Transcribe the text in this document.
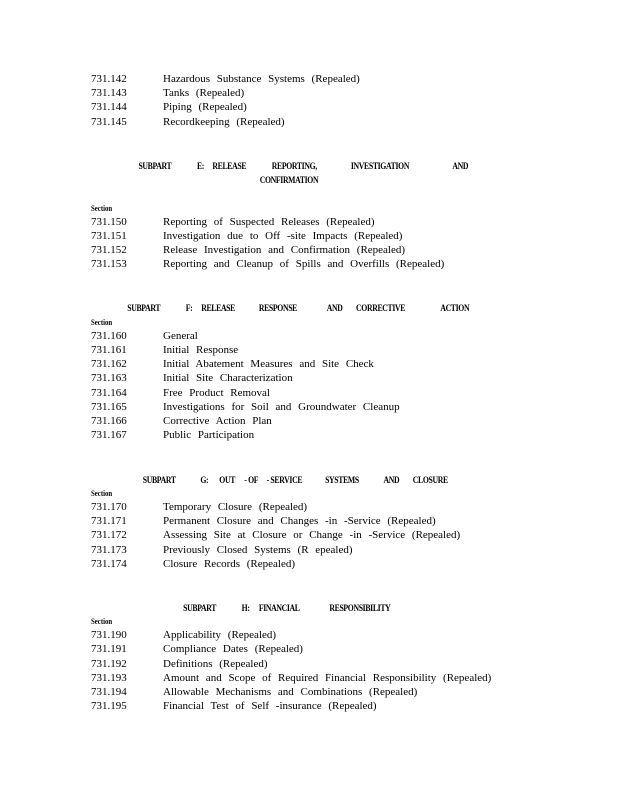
731.142	Hazardous Substance Systems (Repealed)
731.143	Tanks (Repealed)
731.144	Piping (Repealed)
731.145	Recordkeeping (Repealed)
SUBPART	E: RELEASE	REPORTING,	INVESTIGATION	AND
CONFIRMATION
Section
731.150	Reporting of Suspected Releases (Repealed)
731.151	Investigation due to Off -site Impacts (Repealed)
731.152	Release Investigation and Confirmation (Repealed)
731.153	Reporting and Cleanup of Spills and Overfills (Repealed)
SUBPART	F: RELEASE	RESPONSE	AND CORRECTIVE	ACTION
Section
731.160	General
731.161	Initial Response
731.162	Initial Abatement Measures and Site Check
731.163	Initial Site Characterization
731.164	Free Product Removal
731.165	Investigations for Soil and Groundwater Cleanup
731.166	Corrective Action Plan
731.167	Public Participation
SUBPART	G: OUT - OF - SERVICE	SYSTEMS	AND CLOSURE
Section
731.170	Temporary Closure (Repealed)
731.171	Permanent Closure and Changes -in -Service (Repealed)
731.172	Assessing Site at Closure or Change -in -Service (Repealed)
731.173	Previously Closed Systems (R epealed)
731.174	Closure Records (Repealed)
SUBPART	H: FINANCIAL	RESPONSIBILITY
Section
731.190	Applicability (Repealed)
731.191	Compliance Dates (Repealed)
731.192	Definitions (Repealed)
731.193	Amount and Scope of Required Financial Responsibility (Repealed)
731.194	Allowable Mechanisms and Combinations (Repealed)
731.195	Financial Test of Self -insurance (Repealed)
